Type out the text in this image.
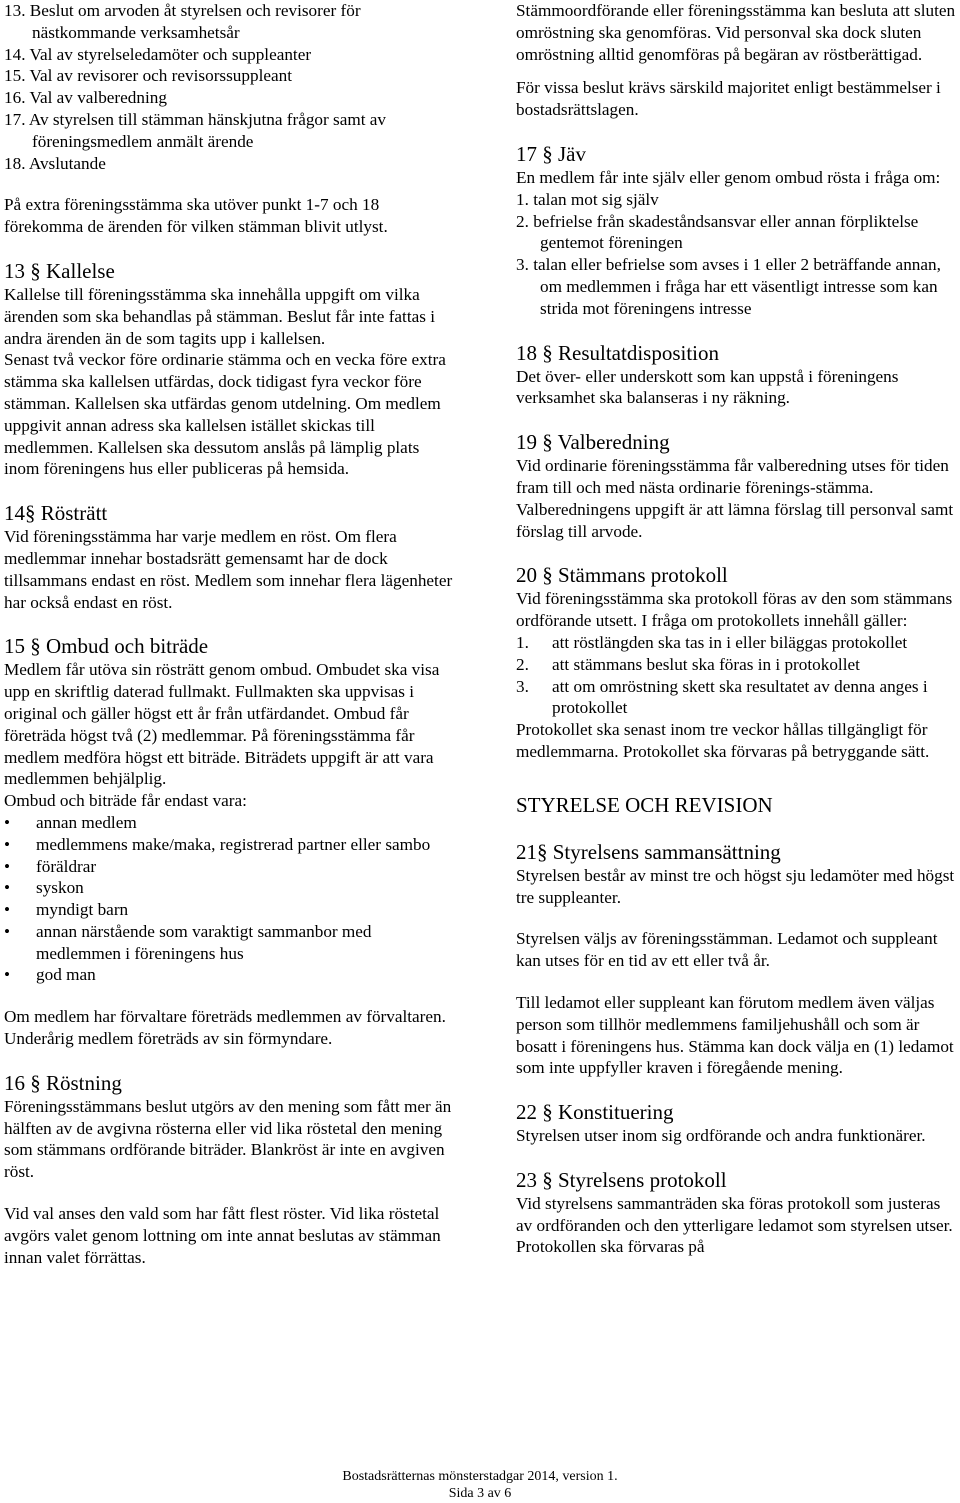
13. Beslut om arvoden åt styrelsen och revisorer för nästkommande verksamhetsår

14. Val av styrelseledamöter och suppleanter

15. Val av revisorer och revisorssuppleant

16. Val av valberedning

17. Av styrelsen till stämman hänskjutna frågor samt av föreningsmedlem anmält ärende

18. Avslutande

På extra föreningsstämma ska utöver punkt 1-7 och 18 förekomma de ärenden för vilken stämman blivit utlyst.

13 § Kallelse

Kallelse till föreningsstämma ska innehålla uppgift om vilka ärenden som ska behandlas på stämman. Beslut får inte fattas i andra ärenden än de som tagits upp i kallelsen.

Senast två veckor före ordinarie stämma och en vecka före extra stämma ska kallelsen utfärdas, dock tidigast fyra veckor före stämman. Kallelsen ska utfärdas genom utdelning. Om medlem uppgivit annan adress ska kallelsen istället skickas till medlemmen. Kallelsen ska dessutom anslås på lämplig plats inom föreningens hus eller publiceras på hemsida.

14§ Rösträtt

Vid föreningsstämma har varje medlem en röst. Om flera medlemmar innehar bostadsrätt gemensamt har de dock tillsammans endast en röst. Medlem som innehar flera lägenheter har också endast en röst.

15 § Ombud och biträde

Medlem får utöva sin rösträtt genom ombud. Ombudet ska visa upp en skriftlig daterad fullmakt. Fullmakten ska uppvisas i original och gäller högst ett år från utfärdandet. Ombud får företräda högst två (2) medlemmar. På föreningsstämma får medlem medföra högst ett biträde. Biträdets uppgift är att vara medlemmen behjälplig.

Ombud och biträde får endast vara:

• annan medlem
• medlemmens make/maka, registrerad partner eller sambo
• föräldrar
• syskon
• myndigt barn
• annan närstående som varaktigt sammanbor med medlemmen i föreningens hus
• god man

Om medlem har förvaltare företräds medlemmen av förvaltaren. Underårig medlem företräds av sin förmyndare.

16 § Röstning

Föreningsstämmans beslut utgörs av den mening som fått mer än hälften av de avgivna rösterna eller vid lika röstetal den mening som stämmans ordförande biträder. Blankröst är inte en avgiven röst.

Vid val anses den vald som har fått flest röster. Vid lika röstetal avgörs valet genom lottning om inte annat beslutas av stämman innan valet förrättas.

Stämmoordförande eller föreningsstämma kan besluta att sluten omröstning ska genomföras. Vid personval ska dock sluten omröstning alltid genomföras på begäran av röstberättigad.

För vissa beslut krävs särskild majoritet enligt bestämmelser i bostadsrättslagen.

17 § Jäv

En medlem får inte själv eller genom ombud rösta i fråga om:

1. talan mot sig själv

2. befrielse från skadeståndsansvar eller annan förpliktelse gentemot föreningen

3. talan eller befrielse som avses i 1 eller 2 beträffande annan, om medlemmen i fråga har ett väsentligt intresse som kan strida mot föreningens intresse

18 § Resultatdisposition

Det över- eller underskott som kan uppstå i föreningens verksamhet ska balanseras i ny räkning.

19 § Valberedning

Vid ordinarie föreningsstämma får valberedning utses för tiden fram till och med nästa ordinarie förenings-stämma. Valberedningens uppgift är att lämna förslag till personval samt förslag till arvode.

20 § Stämmans protokoll

Vid föreningsstämma ska protokoll föras av den som stämmans ordförande utsett. I fråga om protokollets innehåll gäller:

1. att röstlängden ska tas in i eller biläggas protokollet
2. att stämmans beslut ska föras in i protokollet
3. att om omröstning skett ska resultatet av denna anges i protokollet

Protokollet ska senast inom tre veckor hållas tillgängligt för medlemmarna. Protokollet ska förvaras på betryggande sätt.

STYRELSE OCH REVISION
21§ Styrelsens sammansättning

Styrelsen består av minst tre och högst sju ledamöter med högst tre suppleanter.

Styrelsen väljs av föreningsstämman. Ledamot och suppleant kan utses för en tid av ett eller två år.

Till ledamot eller suppleant kan förutom medlem även väljas person som tillhör medlemmens familjehushåll och som är bosatt i föreningens hus. Stämma kan dock välja en (1) ledamot som inte uppfyller kraven i föregående mening.

22 § Konstituering

Styrelsen utser inom sig ordförande och andra funktionärer.

23 § Styrelsens protokoll

Vid styrelsens sammanträden ska föras protokoll som justeras av ordföranden och den ytterligare ledamot som styrelsen utser. Protokollen ska förvaras på

Bostadsrätternas mönsterstadgar 2014, version 1.
Sida 3 av 6
